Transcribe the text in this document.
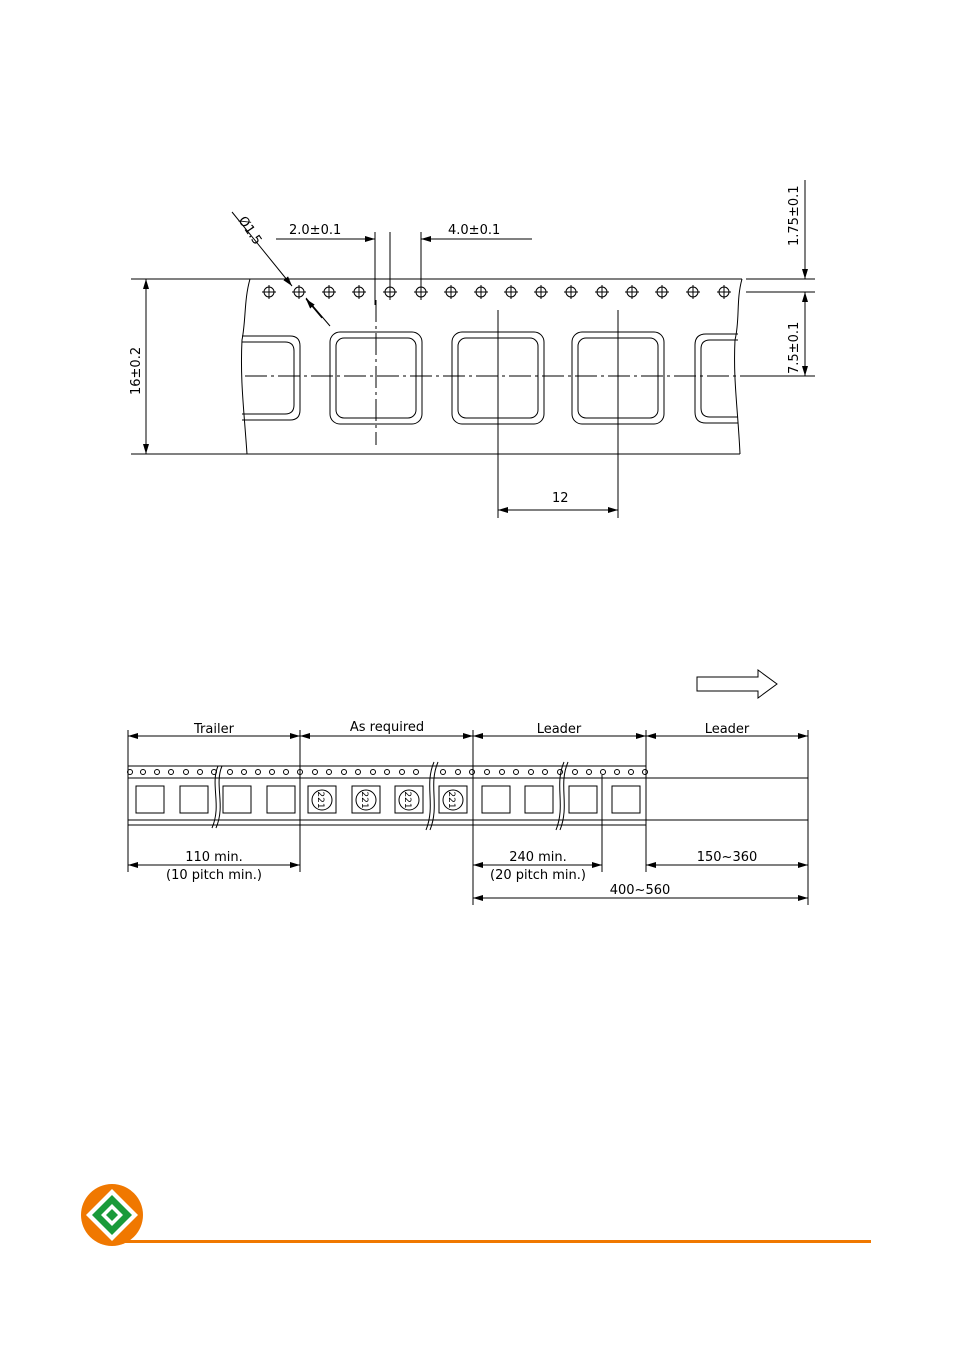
Ø1.5 2.0±0.1	4.0±0.1	1.75±0.1
7.5±0.1
16±0.2
12
221	221	221	221
Trailer	As required	Leader	Leader
110 min.
(10 pitch min.)
240 min.
(20 pitch min.)
150~360
400~560
